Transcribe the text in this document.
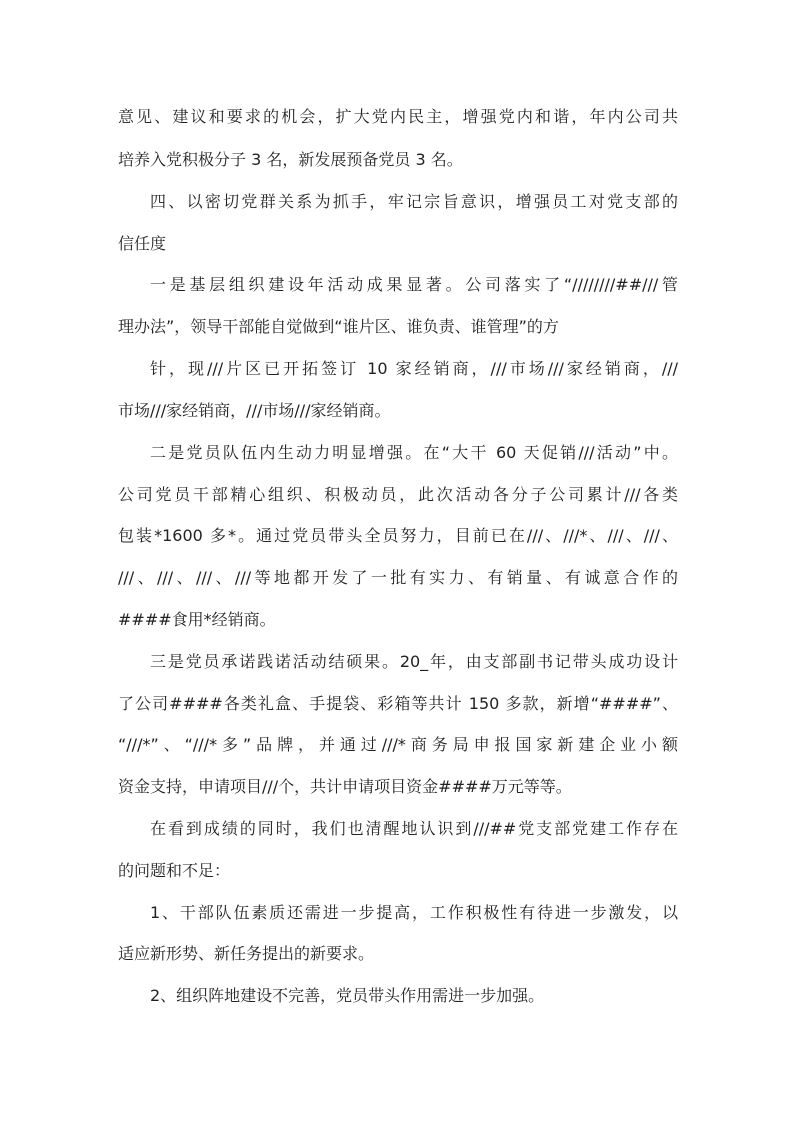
意见、建议和要求的机会，扩大党内民主，增强党内和谐，年内公司共
培养入党积极分子 3 名，新发展预备党员 3 名。
四、以密切党群关系为抓手，牢记宗旨意识，增强员工对党支部的
信任度
一是基层组织建设年活动成果显著。公司落实了“////////##///管
理办法”，领导干部能自觉做到“谁片区、谁负责、谁管理”的方
针，现///片区已开拓签订 10 家经销商，///市场///家经销商，///
市场///家经销商，///市场///家经销商。
二是党员队伍内生动力明显增强。在“大干 60 天促销///活动”中。
公司党员干部精心组织、积极动员，此次活动各分子公司累计///各类
包装*1600 多*。通过党员带头全员努力，目前已在///、///*、///、///、
///、///、///、///等地都开发了一批有实力、有销量、有诚意合作的
####食用*经销商。
三是党员承诺践诺活动结硕果。20_年，由支部副书记带头成功设计
了公司####各类礼盒、手提袋、彩箱等共计 150 多款，新增“####”、
“///*”、“///*多”品牌，并通过///*商务局申报国家新建企业小额
资金支持，申请项目///个，共计申请项目资金####万元等等。
在看到成绩的同时，我们也清醒地认识到///##党支部党建工作存在
的问题和不足：
1、干部队伍素质还需进一步提高，工作积极性有待进一步激发，以
适应新形势、新任务提出的新要求。
2、组织阵地建设不完善，党员带头作用需进一步加强。
